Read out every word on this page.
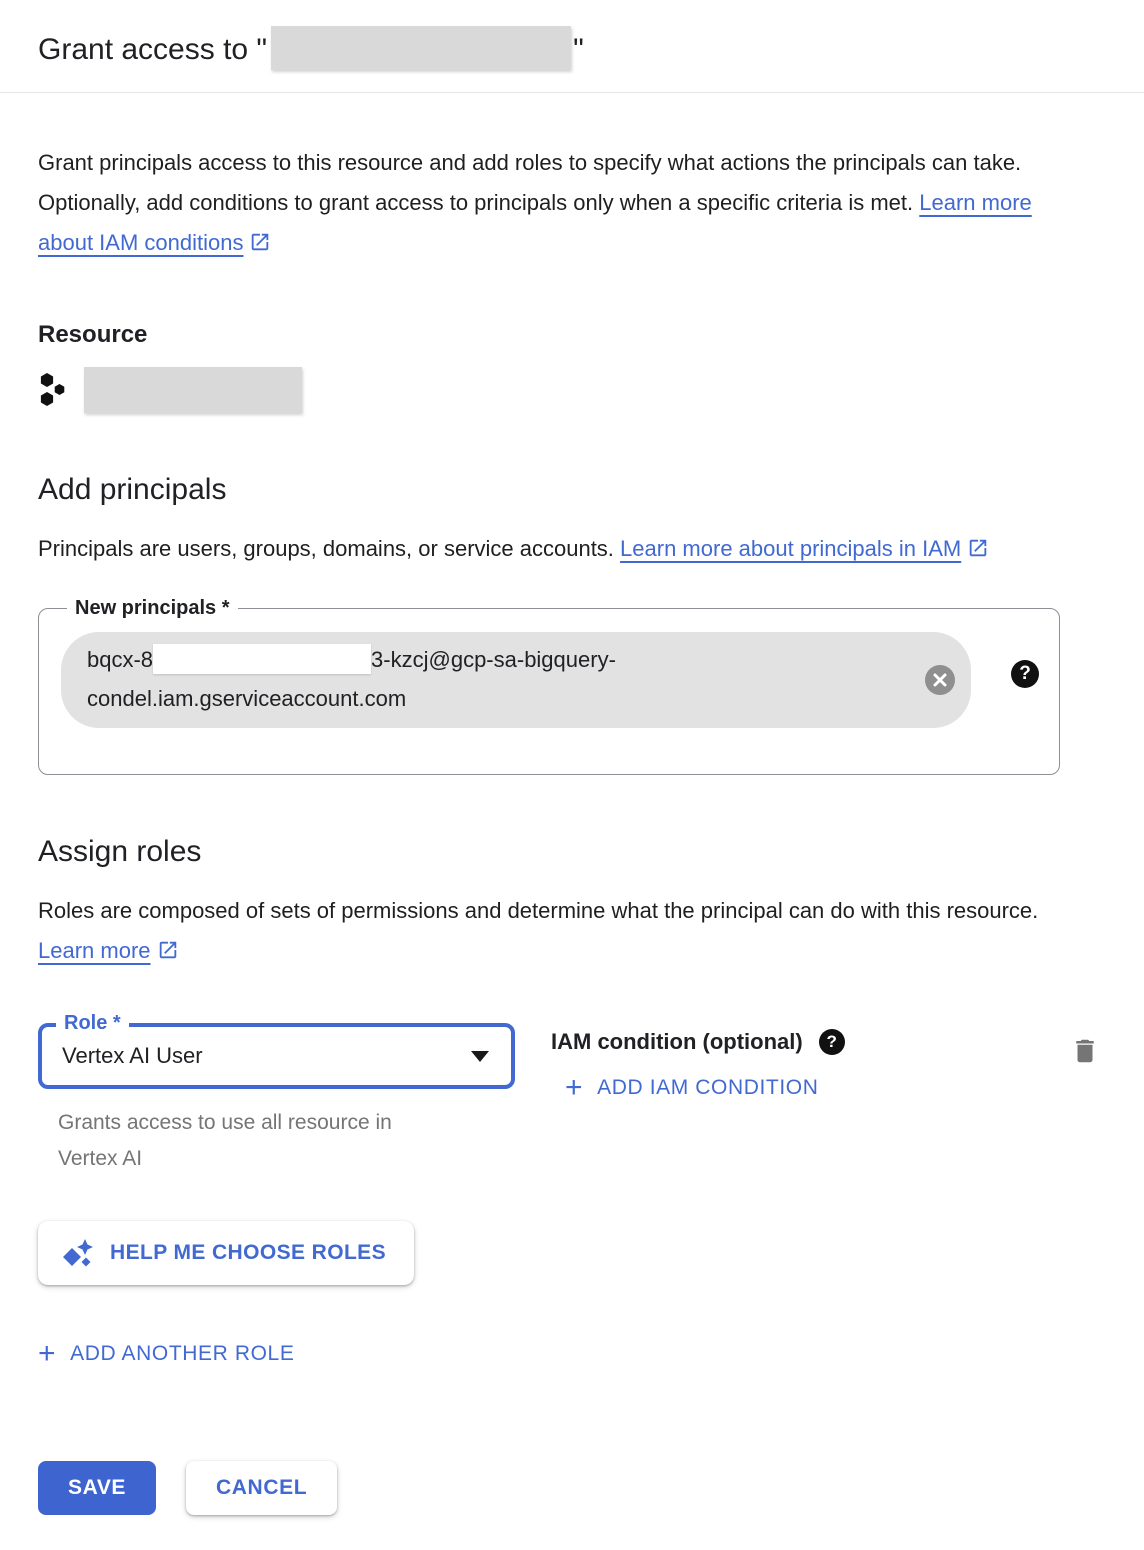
Grant access to "	"

Grant principals access to this resource and add roles to specify what actions the principals can take. Optionally, add conditions to grant access to principals only when a specific criteria is met. Learn more about IAM conditions

Resource
Add principals

Principals are users, groups, domains, or service accounts. Learn more about principals in IAM

New principals *
bqcx-8	3-kzcj@gcp-sa-bigquery-
condel.iam.gserviceaccount.com
?
Assign roles

Roles are composed of sets of permissions and determine what the principal can do with this resource. Learn more

Role *
Vertex AI User
Grants access to use all resource in Vertex AI
IAM condition (optional)	?
+ ADD IAM CONDITION
HELP ME CHOOSE ROLES
+ ADD ANOTHER ROLE
SAVE	CANCEL
